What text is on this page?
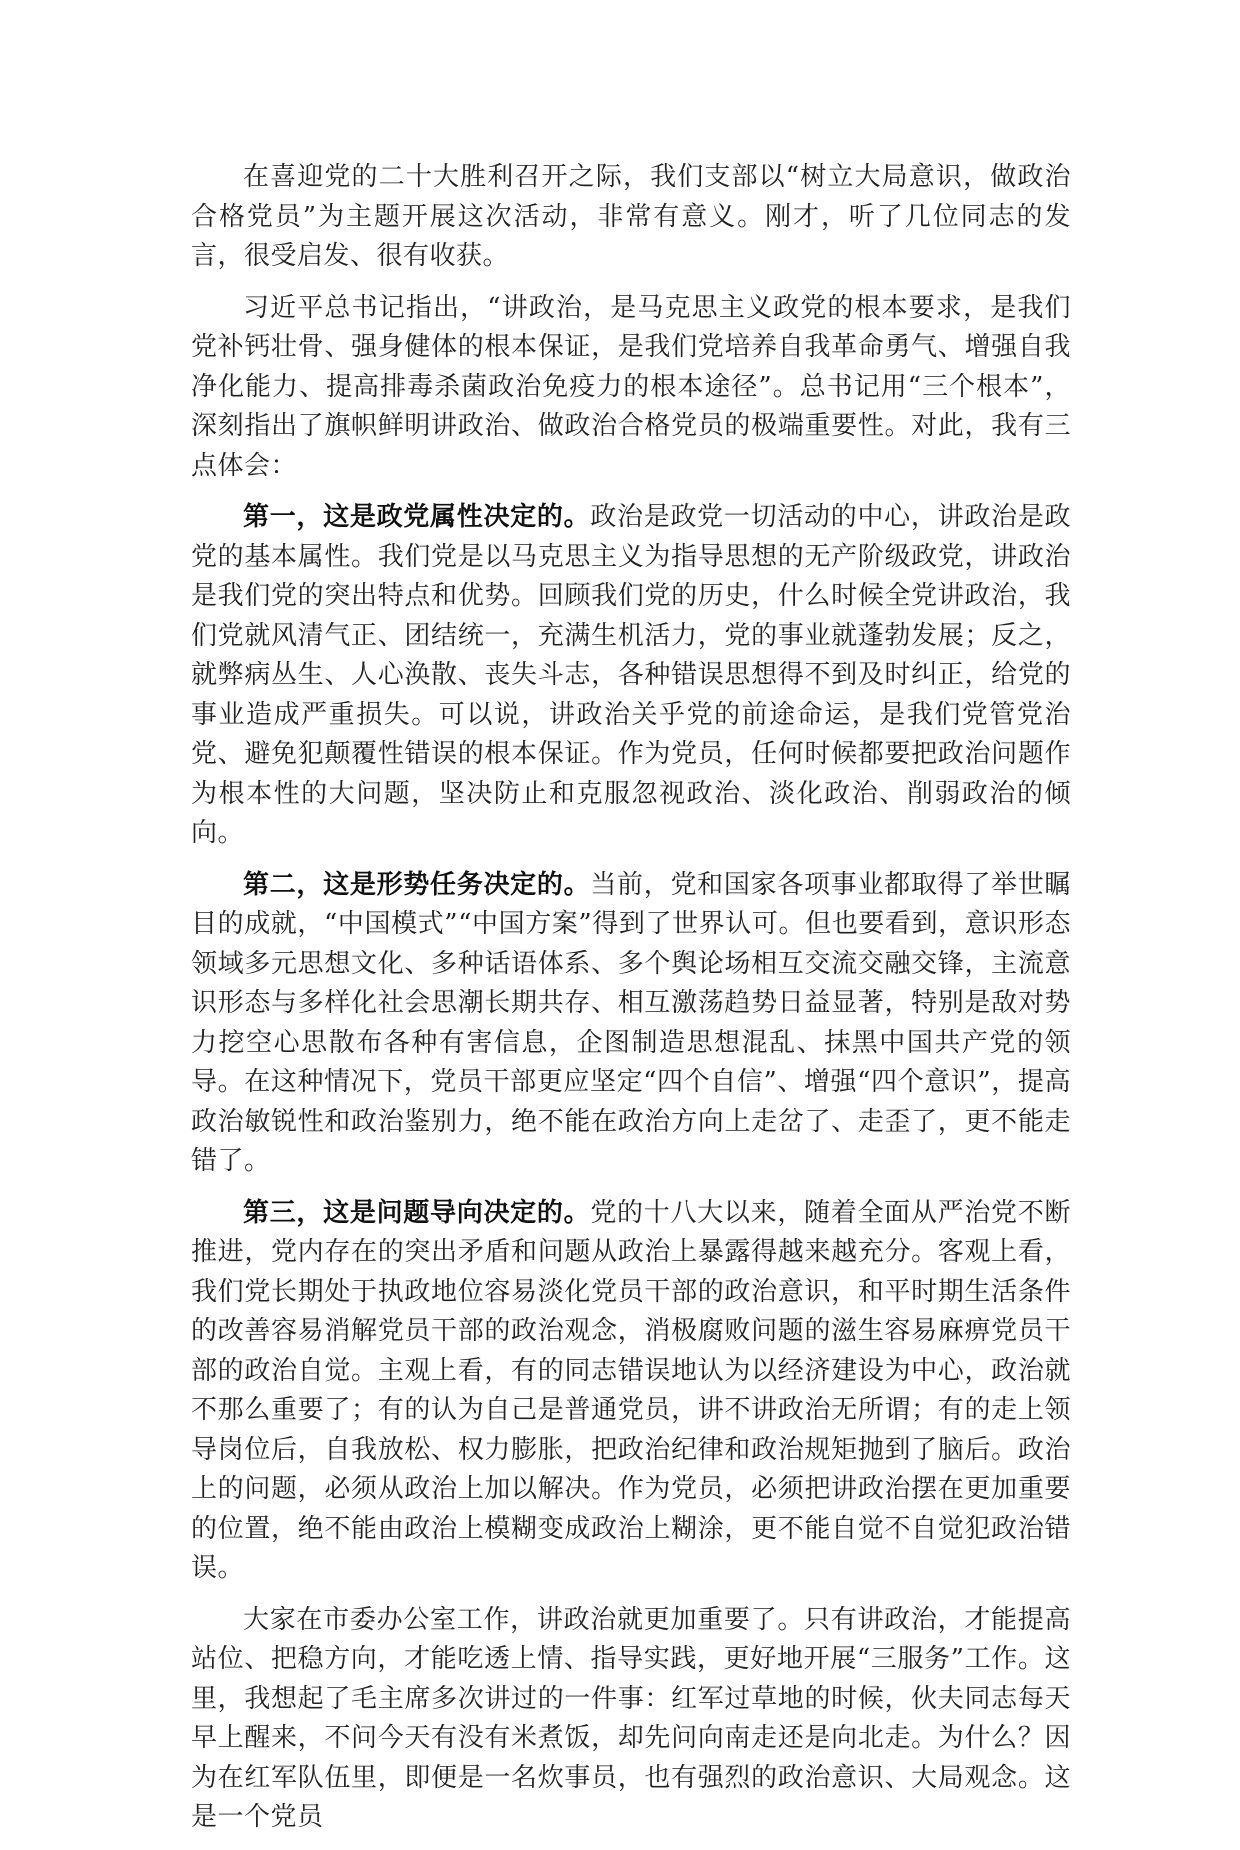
在喜迎党的二十大胜利召开之际，我们支部以“树立大局意识，做政治合格党员”为主题开展这次活动，非常有意义。刚才，听了几位同志的发言，很受启发、很有收获。

习近平总书记指出，“讲政治，是马克思主义政党的根本要求，是我们党补钙壮骨、强身健体的根本保证，是我们党培养自我革命勇气、增强自我净化能力、提高排毒杀菌政治免疫力的根本途径”。总书记用“三个根本”，深刻指出了旗帜鲜明讲政治、做政治合格党员的极端重要性。对此，我有三点体会：

第一，这是政党属性决定的。政治是政党一切活动的中心，讲政治是政党的基本属性。我们党是以马克思主义为指导思想的无产阶级政党，讲政治是我们党的突出特点和优势。回顾我们党的历史，什么时候全党讲政治，我们党就风清气正、团结统一，充满生机活力，党的事业就蓬勃发展；反之，就弊病丛生、人心涣散、丧失斗志，各种错误思想得不到及时纠正，给党的事业造成严重损失。可以说，讲政治关乎党的前途命运，是我们党管党治党、避免犯颠覆性错误的根本保证。作为党员，任何时候都要把政治问题作为根本性的大问题，坚决防止和克服忽视政治、淡化政治、削弱政治的倾向。

第二，这是形势任务决定的。当前，党和国家各项事业都取得了举世瞩目的成就，“中国模式”“中国方案”得到了世界认可。但也要看到，意识形态领域多元思想文化、多种话语体系、多个舆论场相互交流交融交锋，主流意识形态与多样化社会思潮长期共存、相互激荡趋势日益显著，特别是敌对势力挖空心思散布各种有害信息，企图制造思想混乱、抹黑中国共产党的领导。在这种情况下，党员干部更应坚定“四个自信”、增强“四个意识”，提高政治敏锐性和政治鉴别力，绝不能在政治方向上走岔了、走歪了，更不能走错了。

第三，这是问题导向决定的。党的十八大以来，随着全面从严治党不断推进，党内存在的突出矛盾和问题从政治上暴露得越来越充分。客观上看，我们党长期处于执政地位容易淡化党员干部的政治意识，和平时期生活条件的改善容易消解党员干部的政治观念，消极腐败问题的滋生容易麻痹党员干部的政治自觉。主观上看，有的同志错误地认为以经济建设为中心，政治就不那么重要了；有的认为自己是普通党员，讲不讲政治无所谓；有的走上领导岗位后，自我放松、权力膨胀，把政治纪律和政治规矩抛到了脑后。政治上的问题，必须从政治上加以解决。作为党员，必须把讲政治摆在更加重要的位置，绝不能由政治上模糊变成政治上糊涂，更不能自觉不自觉犯政治错误。

大家在市委办公室工作，讲政治就更加重要了。只有讲政治，才能提高站位、把稳方向，才能吃透上情、指导实践，更好地开展“三服务”工作。这里，我想起了毛主席多次讲过的一件事：红军过草地的时候，伙夫同志每天早上醒来，不问今天有没有米煮饭，却先问向南走还是向北走。为什么？因为在红军队伍里，即便是一名炊事员，也有强烈的政治意识、大局观念。这是一个党员
